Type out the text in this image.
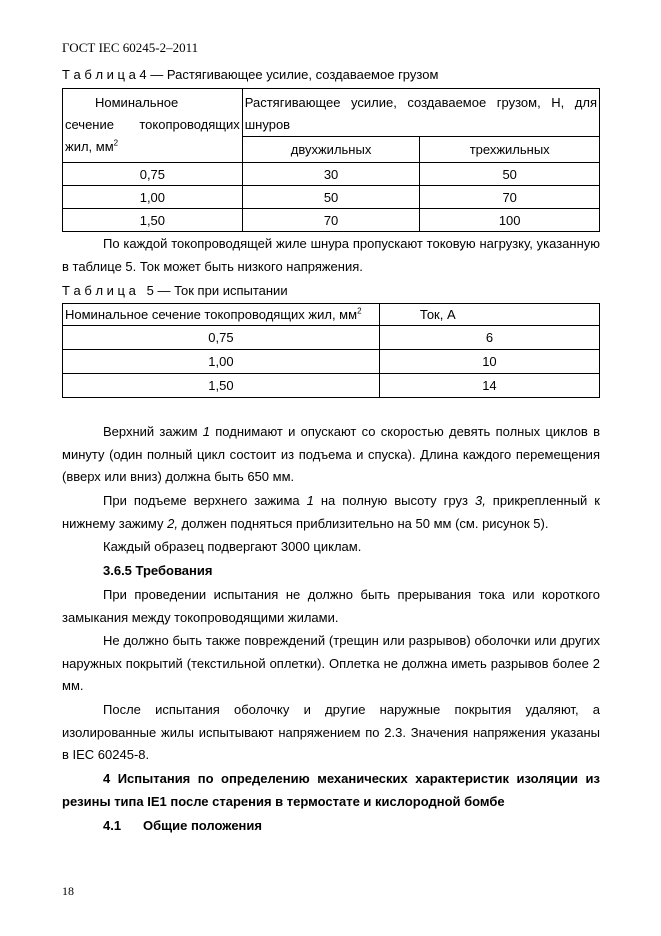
ГОСТ IEC 60245-2–2011
Т а б л и ц а 4 — Растягивающее усилие, создаваемое грузом
Номинальное
сечение токопроводящих
жил, $мм^2$	Растягивающее усилие, создаваемое грузом, Н, для шнуров	
	двухжильных	трехжильных
0,75	30	50
1,00	50	70
1,50	70	100
По каждой токопроводящей жиле шнура пропускают токовую нагрузку, указанную в таблице 5. Ток может быть низкого напряжения.
Т а б л и ц а   5 — Ток при испытании
Номинальное сечение токопроводящих жил, $мм^2$	Ток, А
0,75	6
1,00	10
1,50	14
Верхний зажим 1 поднимают и опускают со скоростью девять полных циклов в минуту (один полный цикл состоит из подъема и спуска). Длина каждого перемещения (вверх или вниз) должна быть 650 мм.
При подъеме верхнего зажима 1 на полную высоту груз 3, прикрепленный к нижнему зажиму 2, должен подняться приблизительно на 50 мм (см. рисунок 5).
Каждый образец подвергают 3000 циклам.
3.6.5 Требования
При проведении испытания не должно быть прерывания тока или короткого замыкания между токопроводящими жилами.
Не должно быть также повреждений (трещин или разрывов) оболочки или других наружных покрытий (текстильной оплетки). Оплетка не должна иметь разрывов более 2 мм.
После испытания оболочку и другие наружные покрытия удаляют, а изолированные жилы испытывают напряжением по 2.3. Значения напряжения указаны в IEC 60245-8.
4 Испытания по определению механических характеристик изоляции из резины типа IE1 после старения в термостате и кислородной бомбе
4.1 Общие положения
18
